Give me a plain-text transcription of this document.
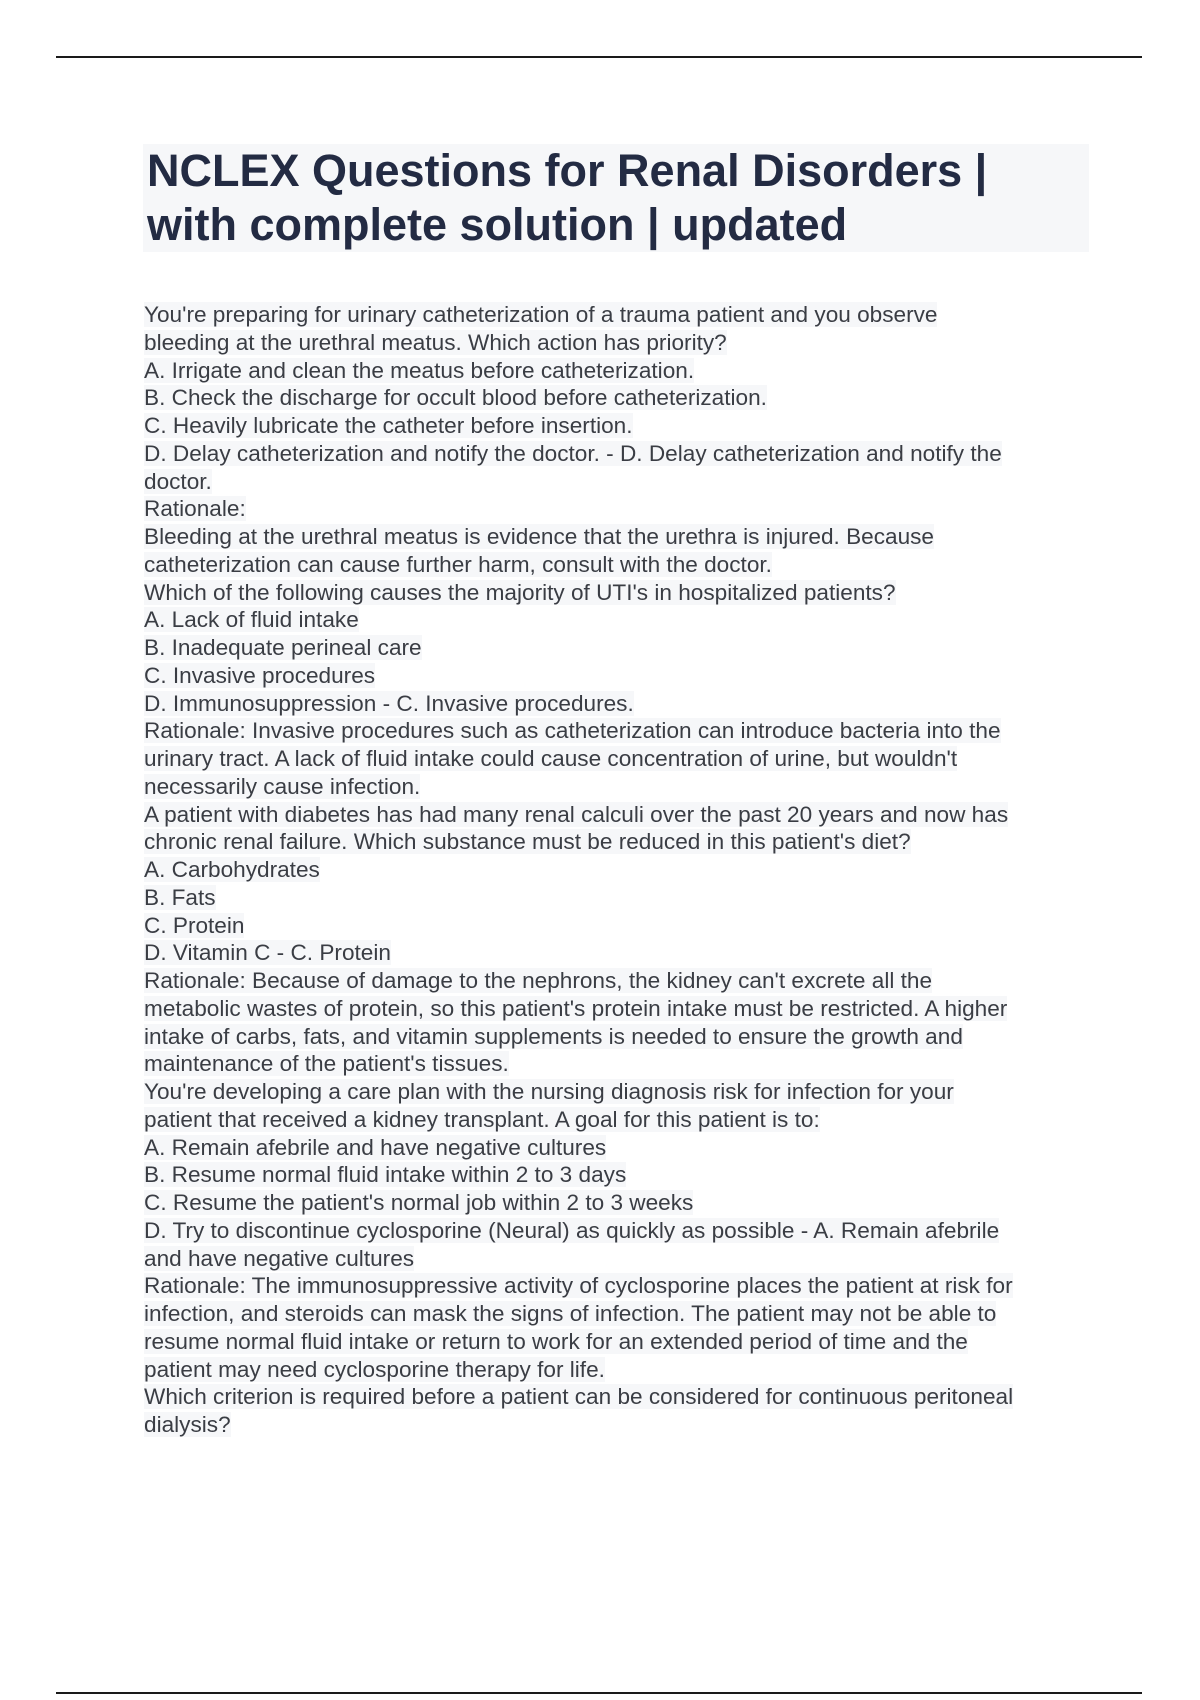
NCLEX Questions for Renal Disorders |
with complete solution | updated
You're preparing for urinary catheterization of a trauma patient and you observe
bleeding at the urethral meatus. Which action has priority?
A. Irrigate and clean the meatus before catheterization.
B. Check the discharge for occult blood before catheterization.
C. Heavily lubricate the catheter before insertion.
D. Delay catheterization and notify the doctor. - D. Delay catheterization and notify the
doctor.
Rationale:
Bleeding at the urethral meatus is evidence that the urethra is injured. Because
catheterization can cause further harm, consult with the doctor.
Which of the following causes the majority of UTI's in hospitalized patients?
A. Lack of fluid intake
B. Inadequate perineal care
C. Invasive procedures
D. Immunosuppression - C. Invasive procedures.
Rationale: Invasive procedures such as catheterization can introduce bacteria into the
urinary tract. A lack of fluid intake could cause concentration of urine, but wouldn't
necessarily cause infection.
A patient with diabetes has had many renal calculi over the past 20 years and now has
chronic renal failure. Which substance must be reduced in this patient's diet?
A. Carbohydrates
B. Fats
C. Protein
D. Vitamin C - C. Protein
Rationale: Because of damage to the nephrons, the kidney can't excrete all the
metabolic wastes of protein, so this patient's protein intake must be restricted. A higher
intake of carbs, fats, and vitamin supplements is needed to ensure the growth and
maintenance of the patient's tissues.
You're developing a care plan with the nursing diagnosis risk for infection for your
patient that received a kidney transplant. A goal for this patient is to:
A. Remain afebrile and have negative cultures
B. Resume normal fluid intake within 2 to 3 days
C. Resume the patient's normal job within 2 to 3 weeks
D. Try to discontinue cyclosporine (Neural) as quickly as possible - A. Remain afebrile
and have negative cultures
Rationale: The immunosuppressive activity of cyclosporine places the patient at risk for
infection, and steroids can mask the signs of infection. The patient may not be able to
resume normal fluid intake or return to work for an extended period of time and the
patient may need cyclosporine therapy for life.
Which criterion is required before a patient can be considered for continuous peritoneal
dialysis?
